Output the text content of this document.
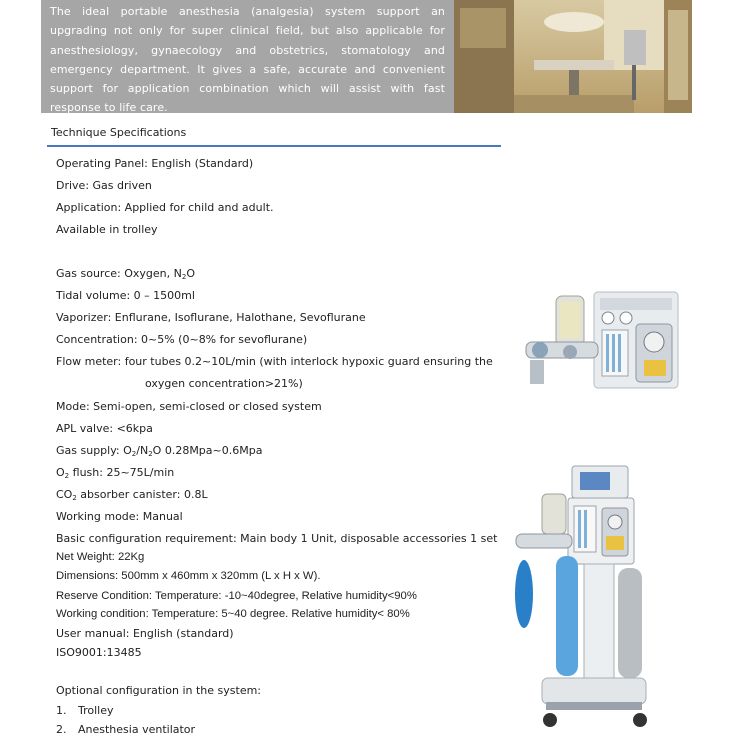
The ideal portable anesthesia (analgesia) system support an upgrading not only for super clinical field, but also applicable for anesthesiology, gynaecology and obstetrics, stomatology and emergency department. It gives a safe, accurate and convenient support for application combination which will assist with fast response to life care.
Technique Specifications
Operating Panel: English (Standard)
Drive: Gas driven
Application: Applied for child and adult.
Available in trolley
Gas source: Oxygen, $N_2O$
Tidal volume: 0 – 1500ml
Vaporizer: Enflurane, Isoflurane, Halothane, Sevoflurane
Concentration: 0~5% (0~8% for sevoflurane)
Flow meter: four tubes 0.2~10L/min (with interlock hypoxic guard ensuring the
oxygen concentration>21%)
Mode: Semi-open, semi-closed or closed system
APL valve: <6kpa
Gas supply: $O_2/N_2O$ 0.28Mpa~0.6Mpa
$O_2$ flush: 25~75L/min
$CO_2$ absorber canister: 0.8L
Working mode: Manual
Basic configuration requirement: Main body 1 Unit, disposable accessories 1 set
Net Weight: 22Kg
Dimensions: 500mm x 460mm x 320mm (L x H x W).
Reserve Condition: Temperature: -10~40degree, Relative humidity<90%
Working condition: Temperature: 5~40 degree. Relative humidity< 80%
User manual: English (standard)
ISO9001:13485
Optional configuration in the system:
1. Trolley
2. Anesthesia ventilator
